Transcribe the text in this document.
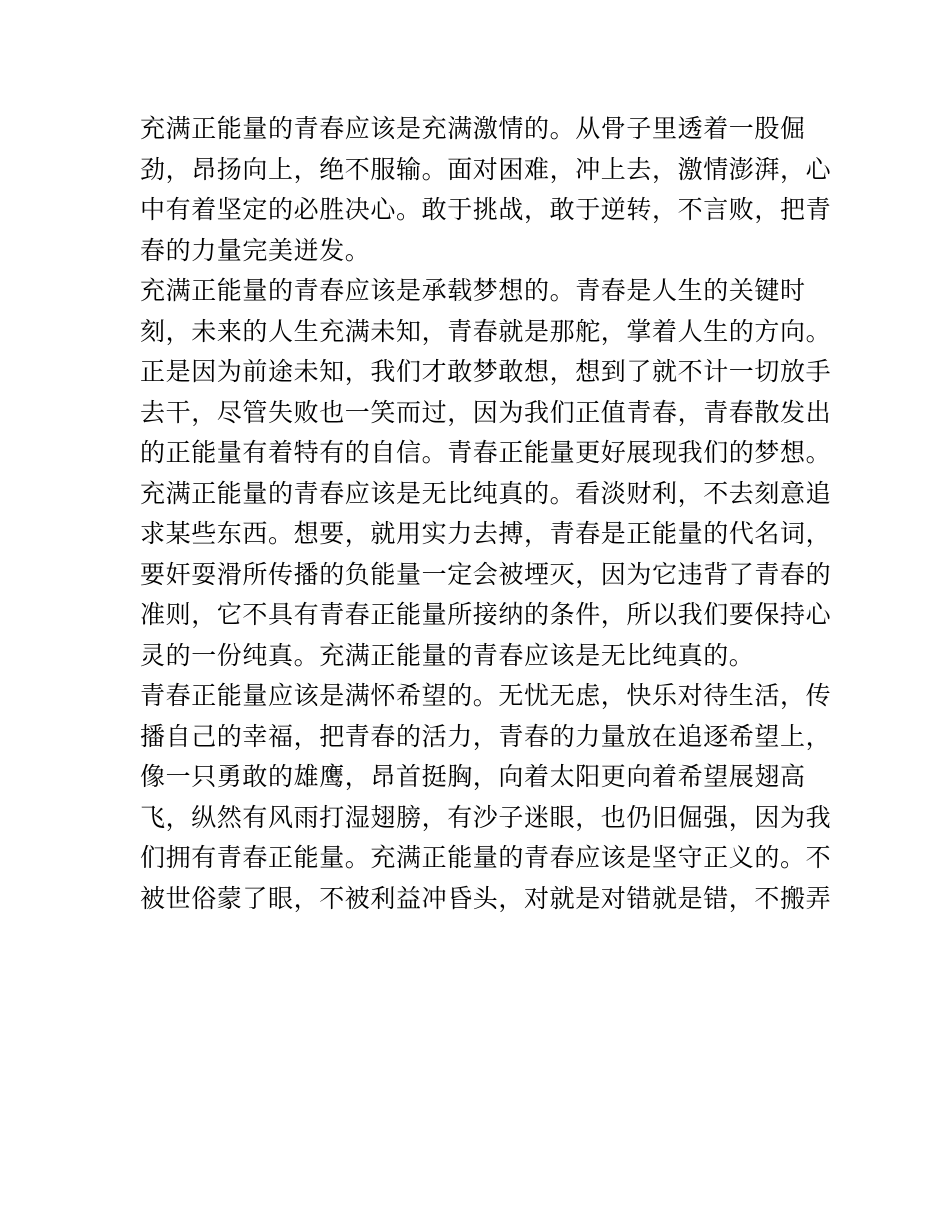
充满正能量的青春应该是充满激情的。从骨子里透着一股倔
劲，昂扬向上，绝不服输。面对困难，冲上去，激情澎湃，心
中有着坚定的必胜决心。敢于挑战，敢于逆转，不言败，把青
春的力量完美迸发。
充满正能量的青春应该是承载梦想的。青春是人生的关键时
刻，未来的人生充满未知，青春就是那舵，掌着人生的方向。
正是因为前途未知，我们才敢梦敢想，想到了就不计一切放手
去干，尽管失败也一笑而过，因为我们正值青春，青春散发出
的正能量有着特有的自信。青春正能量更好展现我们的梦想。
充满正能量的青春应该是无比纯真的。看淡财利，不去刻意追
求某些东西。想要，就用实力去搏，青春是正能量的代名词，
要奸耍滑所传播的负能量一定会被堙灭，因为它违背了青春的
准则，它不具有青春正能量所接纳的条件，所以我们要保持心
灵的一份纯真。充满正能量的青春应该是无比纯真的。
青春正能量应该是满怀希望的。无忧无虑，快乐对待生活，传
播自己的幸福，把青春的活力，青春的力量放在追逐希望上，
像一只勇敢的雄鹰，昂首挺胸，向着太阳更向着希望展翅高
飞，纵然有风雨打湿翅膀，有沙子迷眼，也仍旧倔强，因为我
们拥有青春正能量。充满正能量的青春应该是坚守正义的。不
被世俗蒙了眼，不被利益冲昏头，对就是对错就是错，不搬弄
